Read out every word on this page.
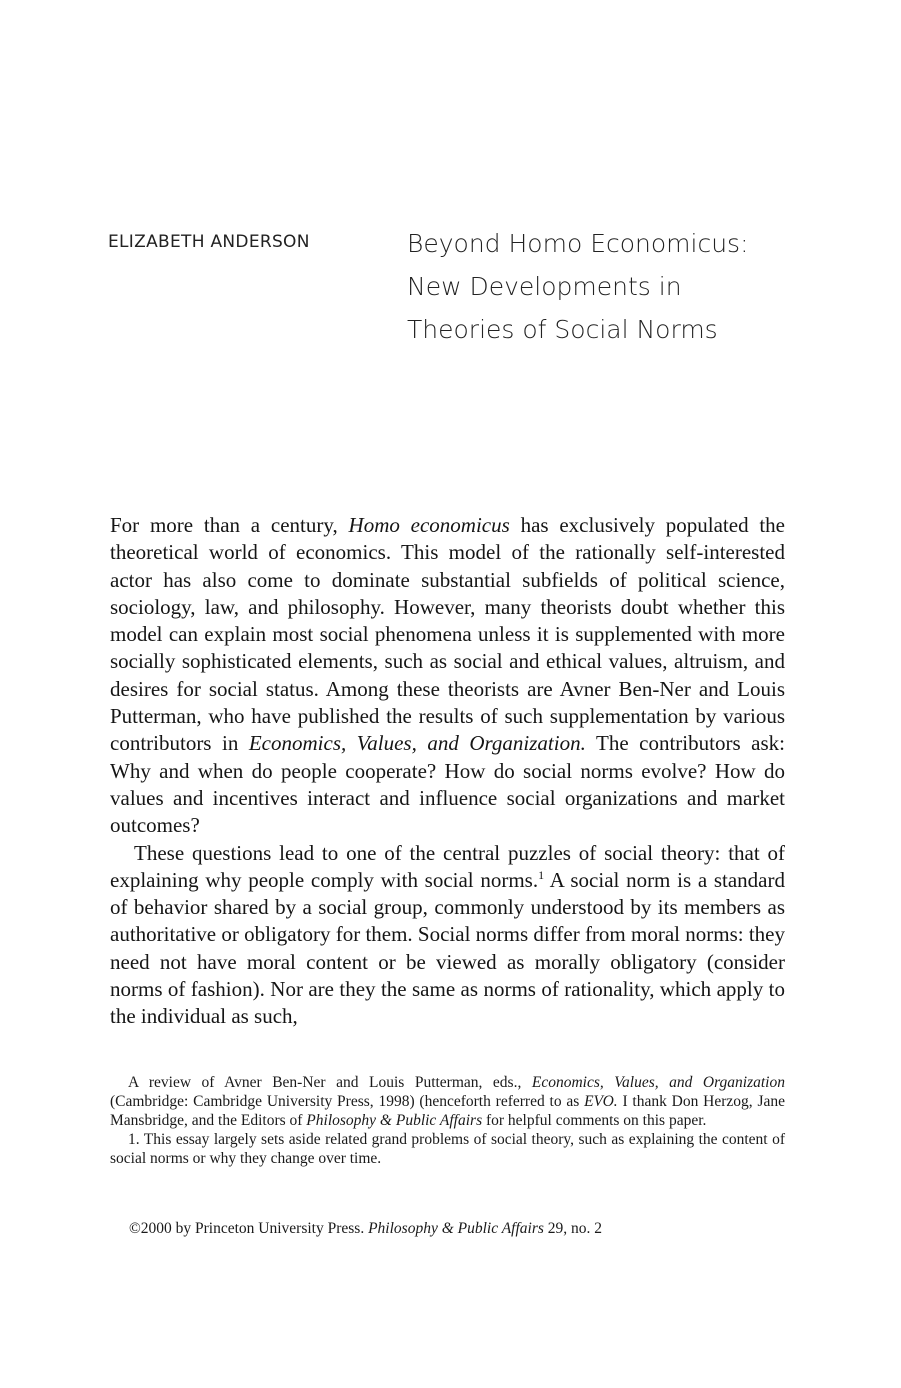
ELIZABETH ANDERSON	Beyond Homo Economicus:
New Developments in
Theories of Social Norms

For more than a century, Homo economicus has exclusively populated the theoretical world of economics. This model of the rationally self-interested actor has also come to dominate substantial subfields of political science, sociology, law, and philosophy. However, many theorists doubt whether this model can explain most social phenomena unless it is supplemented with more socially sophisticated elements, such as social and ethical values, altruism, and desires for social status. Among these theorists are Avner Ben-Ner and Louis Putterman, who have published the results of such supplementation by various contributors in Economics, Values, and Organization. The contributors ask: Why and when do people cooperate? How do social norms evolve? How do values and incentives interact and influence social organizations and market outcomes?

These questions lead to one of the central puzzles of social theory: that of explaining why people comply with social norms.$^1$ A social norm is a standard of behavior shared by a social group, commonly understood by its members as authoritative or obligatory for them. Social norms differ from moral norms: they need not have moral content or be viewed as morally obligatory (consider norms of fashion). Nor are they the same as norms of rationality, which apply to the individual as such,

A review of Avner Ben-Ner and Louis Putterman, eds., Economics, Values, and Organization (Cambridge: Cambridge University Press, 1998) (henceforth referred to as EVO. I thank Don Herzog, Jane Mansbridge, and the Editors of Philosophy & Public Affairs for helpful comments on this paper.

1. This essay largely sets aside related grand problems of social theory, such as explaining the content of social norms or why they change over time.

©2000 by Princeton University Press. Philosophy & Public Affairs 29, no. 2
